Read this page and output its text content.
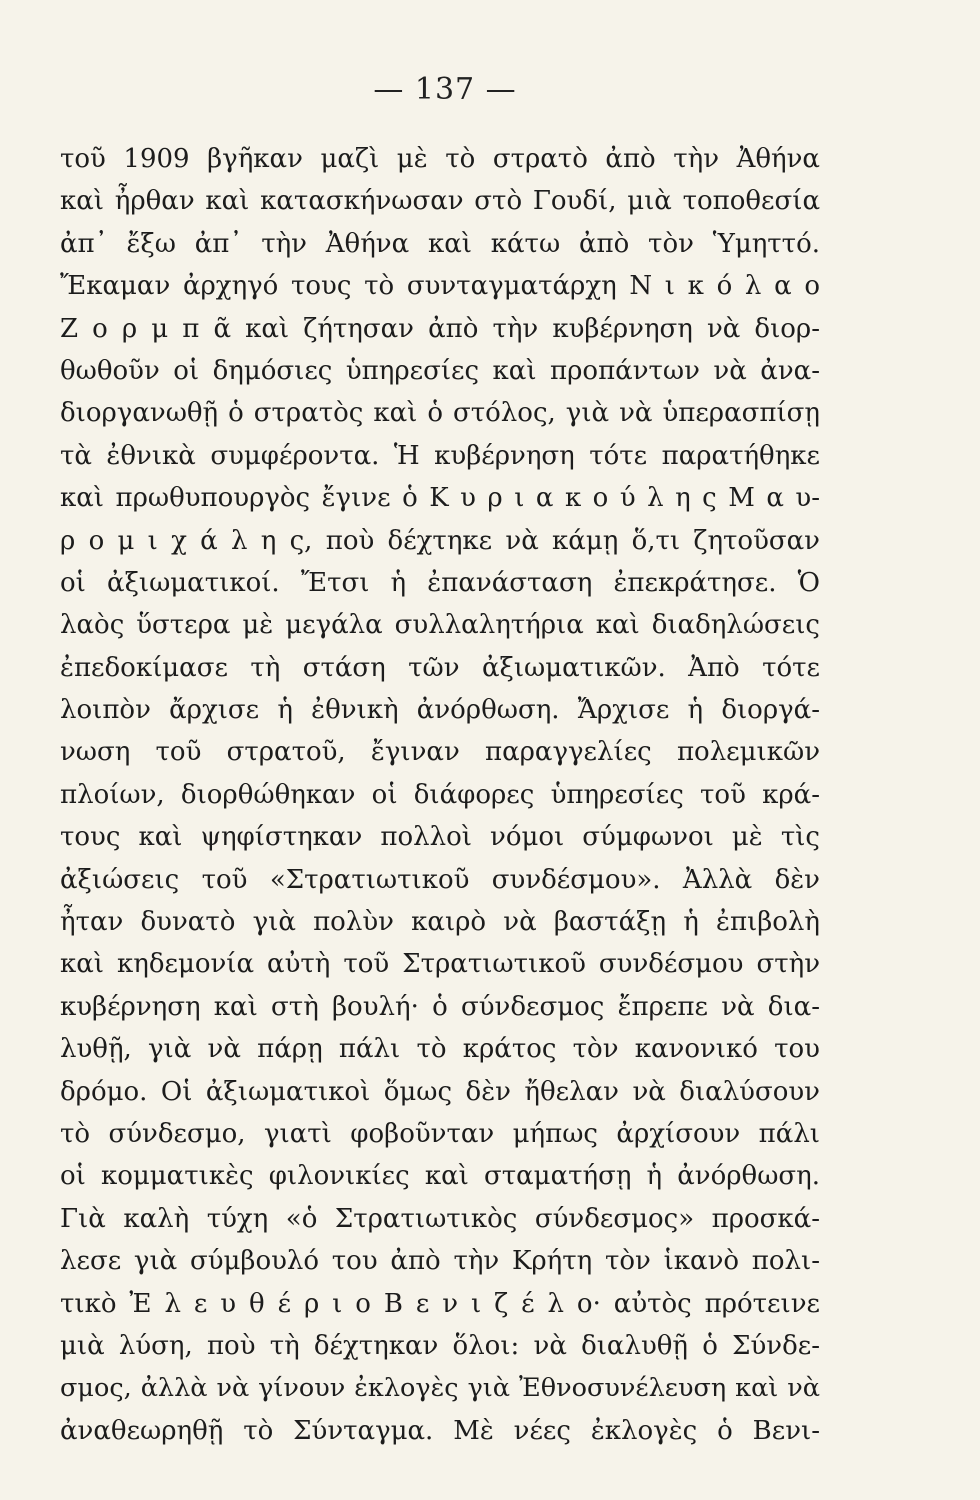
— 137 —
τοῦ 1909 βγῆκαν μαζὶ μὲ τὸ στρατὸ ἀπὸ τὴν Ἀθήνα
καὶ ἦρθαν καὶ κατασκήνωσαν στὸ Γουδί, μιὰ τοποθεσία
ἀπ᾿ ἔξω ἀπ᾿ τὴν Ἀθήνα καὶ κάτω ἀπὸ τὸν Ὑμηττό.
Ἔκαμαν ἀρχηγό τους τὸ συνταγματάρχη Ν ι κ ό λ α ο
Ζ ο ρ μ π ᾶ καὶ ζήτησαν ἀπὸ τὴν κυβέρνηση νὰ διορ-
θωθοῦν οἱ δημόσιες ὑπηρεσίες καὶ προπάντων νὰ ἀνα-
διοργανωθῇ ὁ στρατὸς καὶ ὁ στόλος, γιὰ νὰ ὑπερασπίσῃ
τὰ ἐθνικὰ συμφέροντα. Ἡ κυβέρνηση τότε παρατήθηκε
καὶ πρωθυπουργὸς ἔγινε ὁ Κ υ ρ ι α κ ο ύ λ η ς Μ α υ-
ρ ο μ ι χ ά λ η ς, ποὺ δέχτηκε νὰ κάμῃ ὅ,τι ζητοῦσαν
οἱ ἀξιωματικοί. Ἔτσι ἡ ἐπανάσταση ἐπεκράτησε. Ὁ
λαὸς ὕστερα μὲ μεγάλα συλλαλητήρια καὶ διαδηλώσεις
ἐπεδοκίμασε τὴ στάση τῶν ἀξιωματικῶν. Ἀπὸ τότε
λοιπὸν ἄρχισε ἡ ἐθνικὴ ἀνόρθωση. Ἄρχισε ἡ διοργά-
νωση τοῦ στρατοῦ, ἔγιναν παραγγελίες πολεμικῶν
πλοίων, διορθώθηκαν οἱ διάφορες ὑπηρεσίες τοῦ κρά-
τους καὶ ψηφίστηκαν πολλοὶ νόμοι σύμφωνοι μὲ τὶς
ἀξιώσεις τοῦ «Στρατιωτικοῦ συνδέσμου». Ἀλλὰ δὲν
ἦταν δυνατὸ γιὰ πολὺν καιρὸ νὰ βαστάξῃ ἡ ἐπιβολὴ
καὶ κηδεμονία αὐτὴ τοῦ Στρατιωτικοῦ συνδέσμου στὴν
κυβέρνηση καὶ στὴ βουλή· ὁ σύνδεσμος ἔπρεπε νὰ δια-
λυθῇ, γιὰ νὰ πάρῃ πάλι τὸ κράτος τὸν κανονικό του
δρόμο. Οἱ ἀξιωματικοὶ ὅμως δὲν ἤθελαν νὰ διαλύσουν
τὸ σύνδεσμο, γιατὶ φοβοῦνταν μήπως ἀρχίσουν πάλι
οἱ κομματικὲς φιλονικίες καὶ σταματήσῃ ἡ ἀνόρθωση.
Γιὰ καλὴ τύχη «ὁ Στρατιωτικὸς σύνδεσμος» προσκά-
λεσε γιὰ σύμβουλό του ἀπὸ τὴν Κρήτη τὸν ἱκανὸ πολι-
τικὸ Ἐ λ ε υ θ έ ρ ι ο Β ε ν ι ζ έ λ ο· αὐτὸς πρότεινε
μιὰ λύση, ποὺ τὴ δέχτηκαν ὅλοι: νὰ διαλυθῇ ὁ Σύνδε-
σμος, ἀλλὰ νὰ γίνουν ἐκλογὲς γιὰ Ἐθνοσυνέλευση καὶ νὰ
ἀναθεωρηθῇ τὸ Σύνταγμα. Μὲ νέες ἐκλογὲς ὁ Βενι-
